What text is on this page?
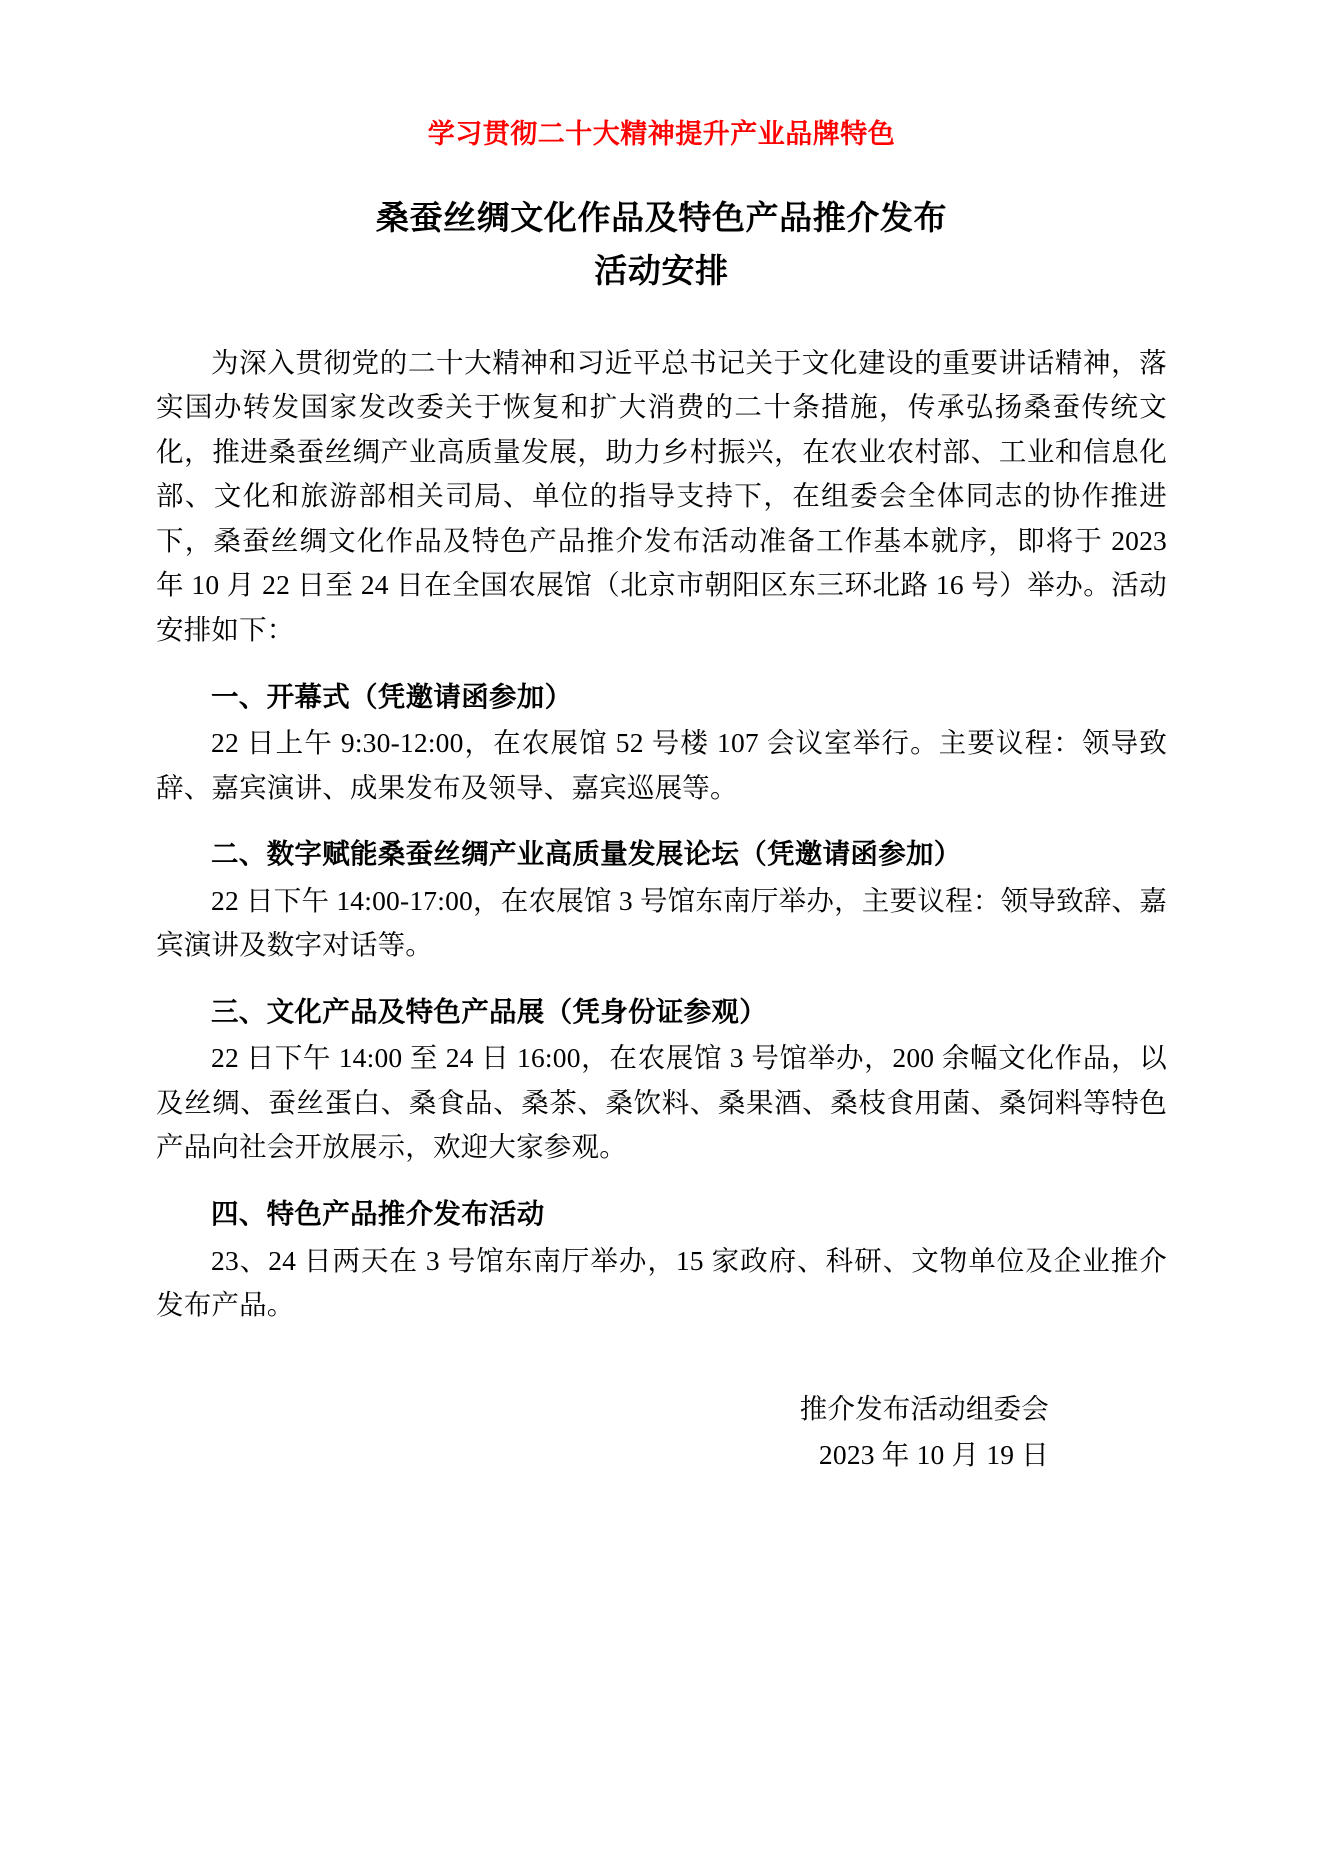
学习贯彻二十大精神提升产业品牌特色
桑蚕丝绸文化作品及特色产品推介发布
活动安排

为深入贯彻党的二十大精神和习近平总书记关于文化建设的重要讲话精神，落实国办转发国家发改委关于恢复和扩大消费的二十条措施，传承弘扬桑蚕传统文化，推进桑蚕丝绸产业高质量发展，助力乡村振兴，在农业农村部、工业和信息化部、文化和旅游部相关司局、单位的指导支持下，在组委会全体同志的协作推进下，桑蚕丝绸文化作品及特色产品推介发布活动准备工作基本就序，即将于 2023 年 10 月 22 日至 24 日在全国农展馆（北京市朝阳区东三环北路 16 号）举办。活动安排如下：

一、开幕式（凭邀请函参加）

22 日上午 9:30-12:00，在农展馆 52 号楼 107 会议室举行。主要议程：领导致辞、嘉宾演讲、成果发布及领导、嘉宾巡展等。

二、数字赋能桑蚕丝绸产业高质量发展论坛（凭邀请函参加）

22 日下午 14:00-17:00，在农展馆 3 号馆东南厅举办，主要议程：领导致辞、嘉宾演讲及数字对话等。

三、文化产品及特色产品展（凭身份证参观）

22 日下午 14:00 至 24 日 16:00，在农展馆 3 号馆举办，200 余幅文化作品，以及丝绸、蚕丝蛋白、桑食品、桑茶、桑饮料、桑果酒、桑枝食用菌、桑饲料等特色产品向社会开放展示，欢迎大家参观。

四、特色产品推介发布活动

23、24 日两天在 3 号馆东南厅举办，15 家政府、科研、文物单位及企业推介发布产品。

推介发布活动组委会
2023 年 10 月 19 日
